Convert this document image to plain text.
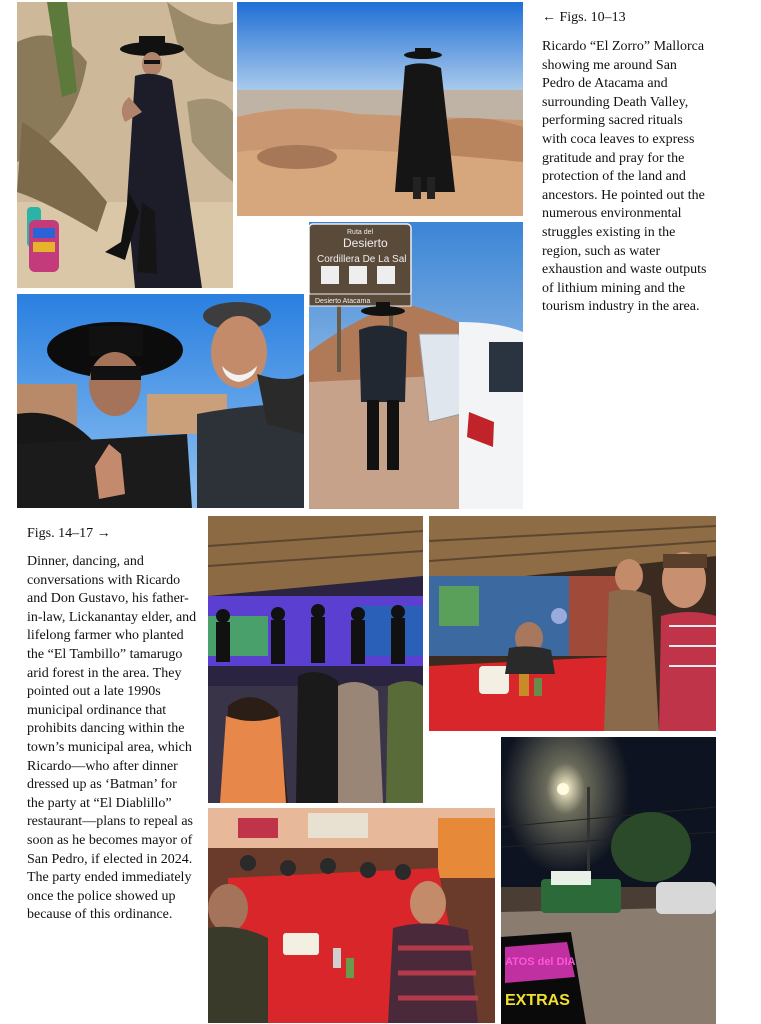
← Figs. 10–13
Ricardo “El Zorro” Mallorca showing me around San Pedro de Atacama and surrounding Death Valley, performing sacred rituals with coca leaves to express gratitude and pray for the protection of the land and ancestors. He pointed out the numerous environmental struggles existing in the region, such as water exhaustion and waste outputs of lithium mining and the tourism industry in the area.
Figs. 14–17 →
Dinner, dancing, and conversations with Ricardo and Don Gustavo, his father-in-law, Lickanantay elder, and lifelong farmer who planted the “El Tambillo” tamarugo arid forest in the area. They pointed out a late 1990s municipal ordinance that prohibits dancing within the town’s municipal area, which Ricardo—who after dinner dressed up as ‘Batman’ for the party at “El Diablillo” restaurant—plans to repeal as soon as he becomes mayor of San Pedro, if elected in 2024. The party ended immediately once the police showed up because of this ordinance.
ATOS del DIA
EXTRAS
Ruta del
Desierto
Cordillera De La Sal
Desierto Atacama
